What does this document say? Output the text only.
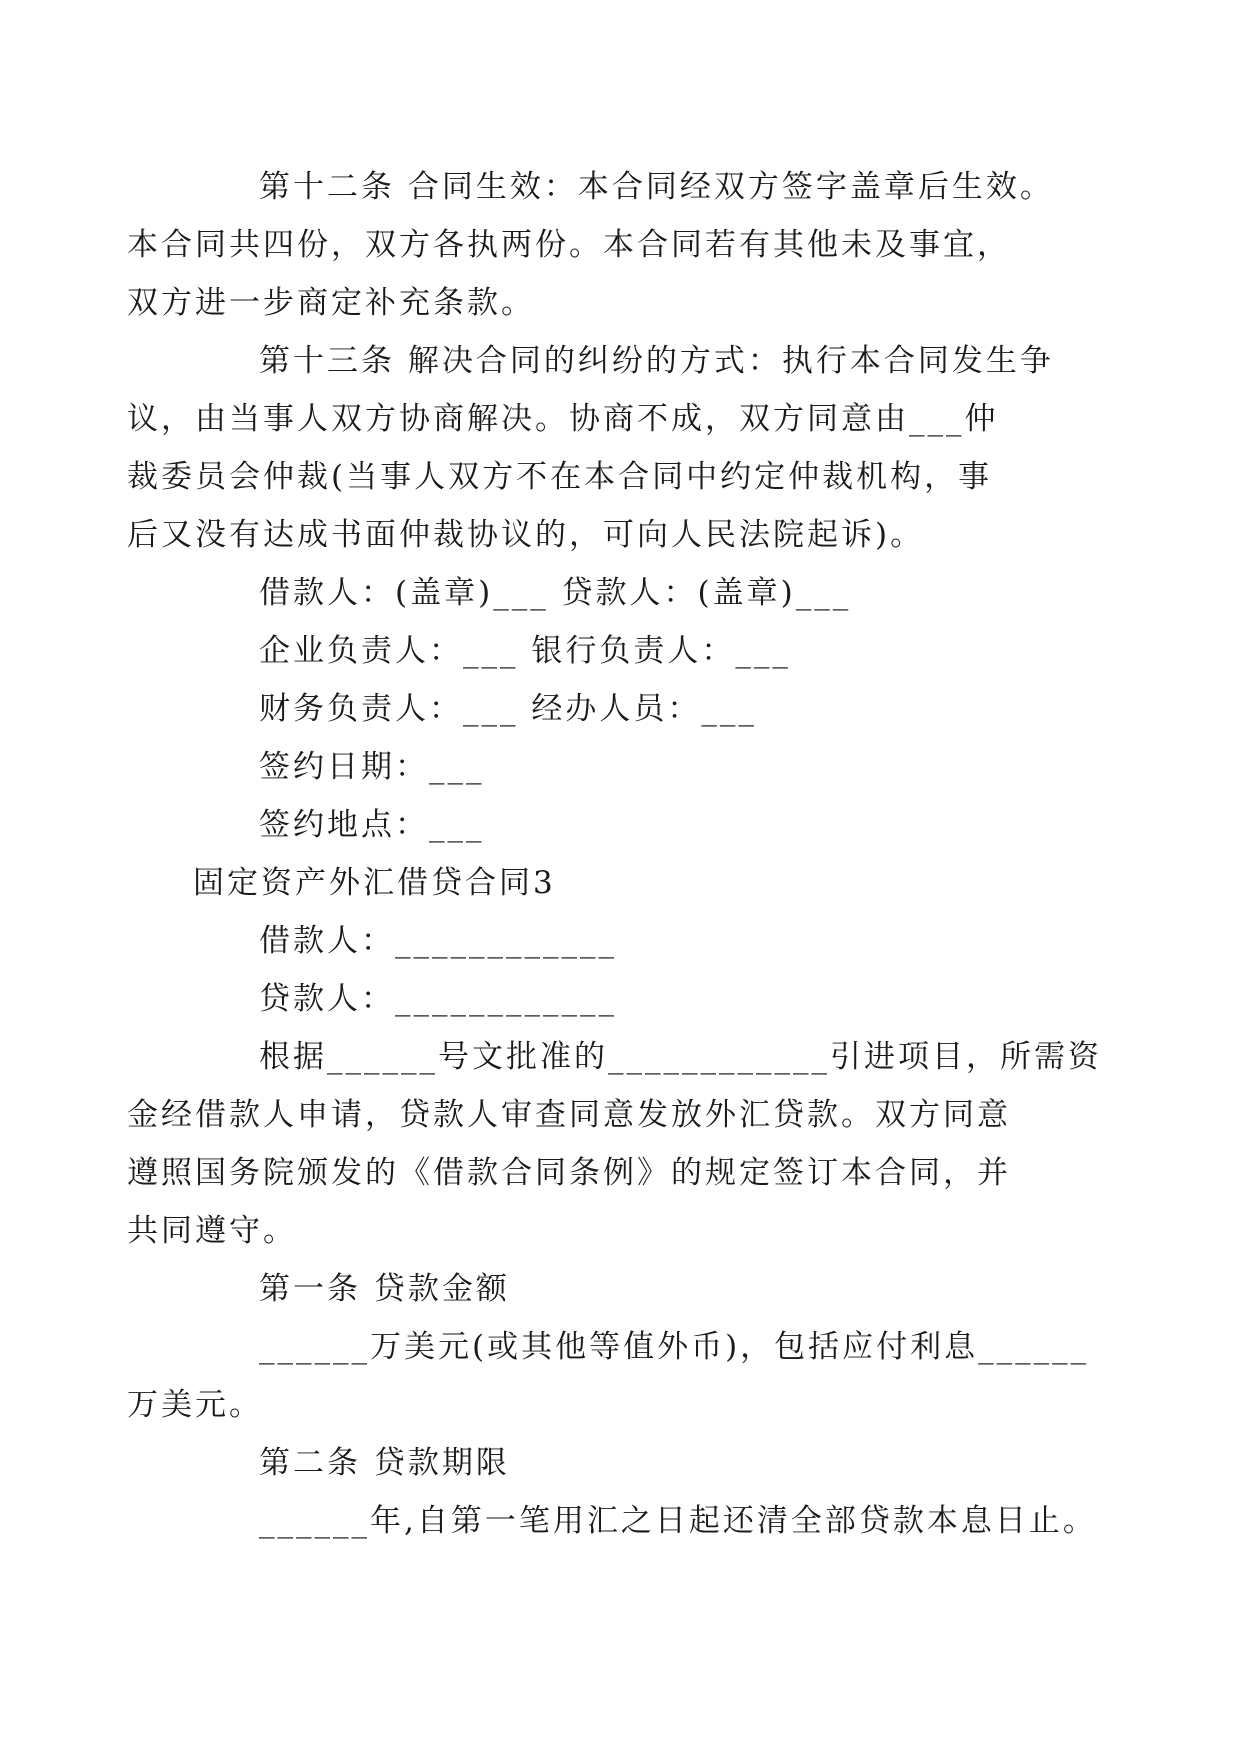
第十二条 合同生效：本合同经双方签字盖章后生效。
本合同共四份，双方各执两份。本合同若有其他未及事宜，
双方进一步商定补充条款。

第十三条 解决合同的纠纷的方式：执行本合同发生争
议，由当事人双方协商解决。协商不成，双方同意由___仲
裁委员会仲裁(当事人双方不在本合同中约定仲裁机构，事
后又没有达成书面仲裁协议的，可向人民法院起诉)。

借款人：(盖章)___ 贷款人：(盖章)___

企业负责人：___ 银行负责人：___

财务负责人：___ 经办人员：___

签约日期：___

签约地点：___

固定资产外汇借贷合同3

借款人：____________

贷款人：____________

根据______号文批准的____________引进项目，所需资
金经借款人申请，贷款人审查同意发放外汇贷款。双方同意
遵照国务院颁发的《借款合同条例》的规定签订本合同，并
共同遵守。

第一条 贷款金额

______万美元(或其他等值外币)，包括应付利息______
万美元。

第二条 贷款期限

______年,自第一笔用汇之日起还清全部贷款本息日止。
